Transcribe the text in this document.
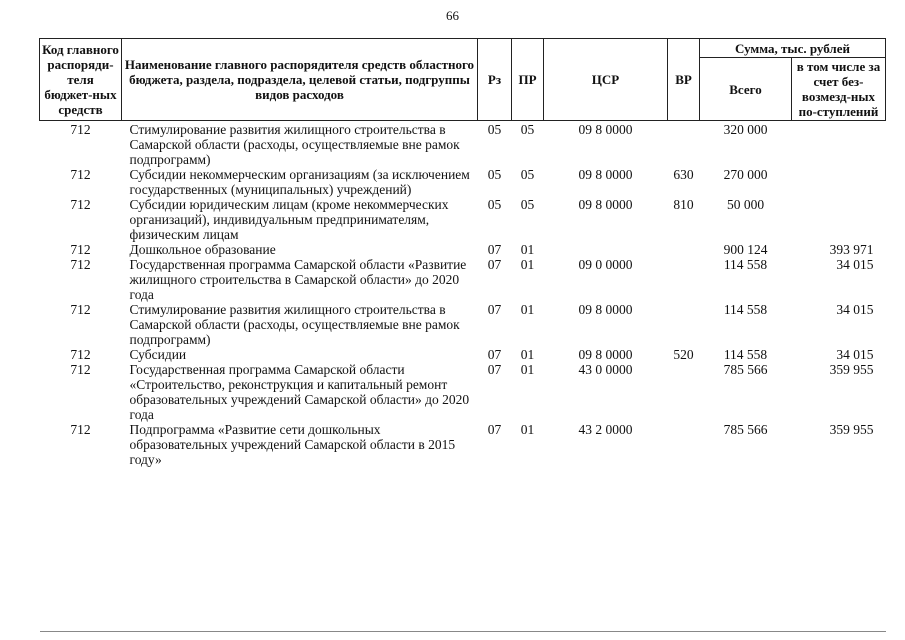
66
Код главного распоряди-теля бюджет-ных средств	Наименование главного распорядителя средств областного бюджета, раздела, подраздела, целевой статьи, подгруппы видов расходов	Рз	ПР	ЦСР	ВР	Сумма, тыс. рублей	
						Всего	в том числе за счет без-возмезд-ных по-ступлений
712	Стимулирование развития жилищного строительства в Самарской области (расходы, осуществляемые вне рамок подпрограмм)	05	05	09 8 0000		320 000	
712	Субсидии некоммерческим организациям (за исключением государственных (муниципальных) учреждений)	05	05	09 8 0000	630	270 000	
712	Субсидии юридическим лицам (кроме некоммерческих организаций), индивидуальным предпринимателям, физическим лицам	05	05	09 8 0000	810	50 000	
712	Дошкольное образование	07	01			900 124	393 971
712	Государственная программа Самарской области «Развитие жилищного строительства в Самарской области» до 2020 года	07	01	09 0 0000		114 558	34 015
712	Стимулирование развития жилищного строительства в Самарской области (расходы, осуществляемые вне рамок подпрограмм)	07	01	09 8 0000		114 558	34 015
712	Субсидии	07	01	09 8 0000	520	114 558	34 015
712	Государственная программа Самарской области «Строительство, реконструкция и капитальный ремонт образовательных учреждений Самарской области» до 2020 года	07	01	43 0 0000		785 566	359 955
712	Подпрограмма «Развитие сети дошкольных образовательных учреждений Самарской области в 2015 году»	07	01	43 2 0000		785 566	359 955
